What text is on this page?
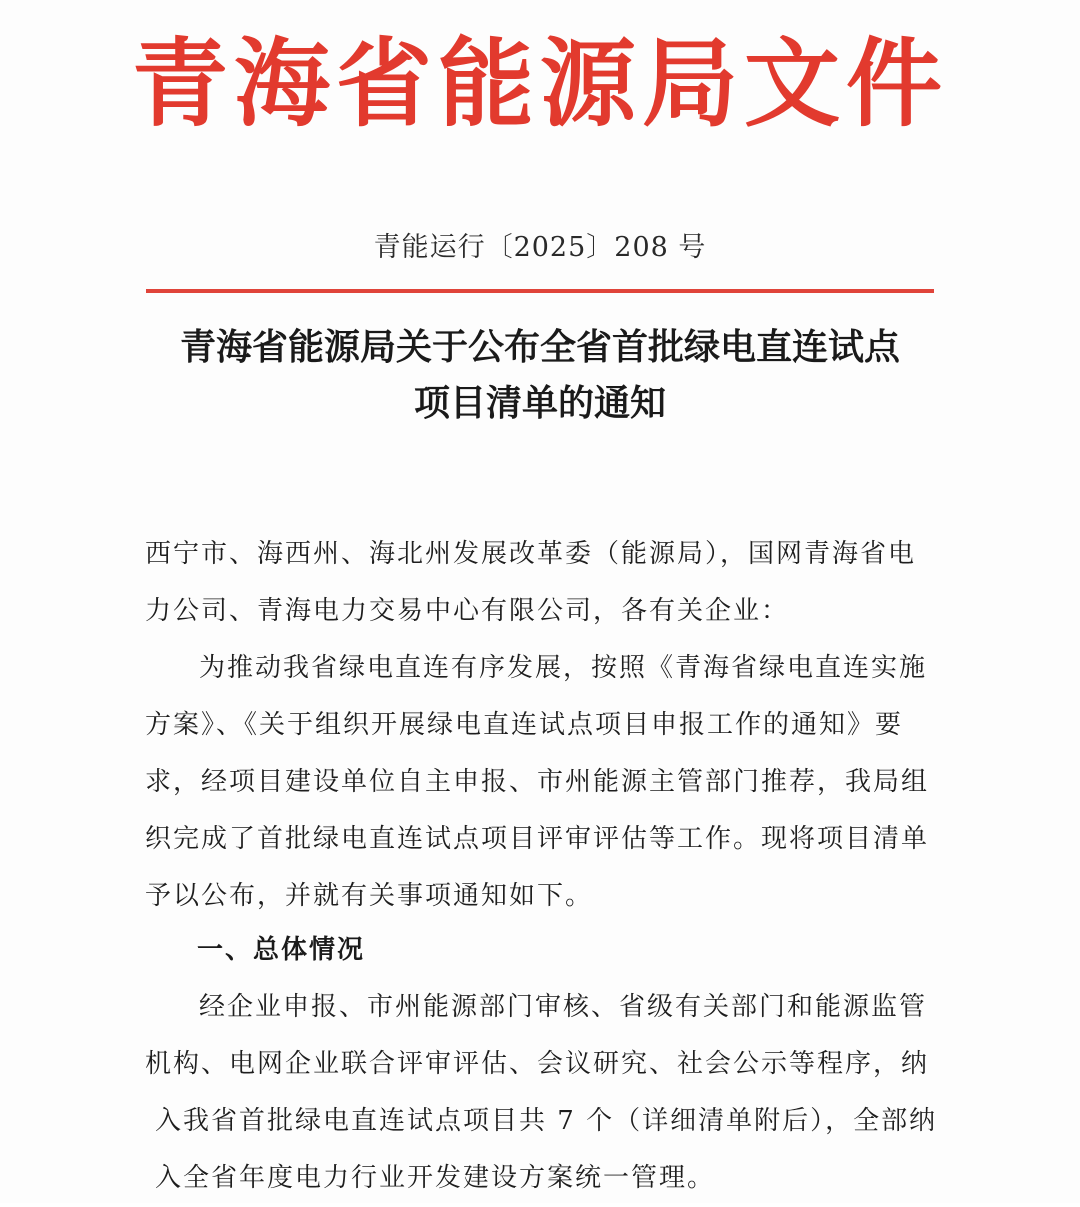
青海省能源局文件
青能运行〔2025〕208 号
青海省能源局关于公布全省首批绿电直连试点
项目清单的通知
西宁市、海西州、海北州发展改革委（能源局），国网青海省电
力公司、青海电力交易中心有限公司，各有关企业：
为推动我省绿电直连有序发展，按照《青海省绿电直连实施
方案》、《关于组织开展绿电直连试点项目申报工作的通知》要
求，经项目建设单位自主申报、市州能源主管部门推荐，我局组
织完成了首批绿电直连试点项目评审评估等工作。现将项目清单
予以公布，并就有关事项通知如下。
一、总体情况
经企业申报、市州能源部门审核、省级有关部门和能源监管
机构、电网企业联合评审评估、会议研究、社会公示等程序，纳
入我省首批绿电直连试点项目共 7 个（详细清单附后），全部纳
入全省年度电力行业开发建设方案统一管理。
